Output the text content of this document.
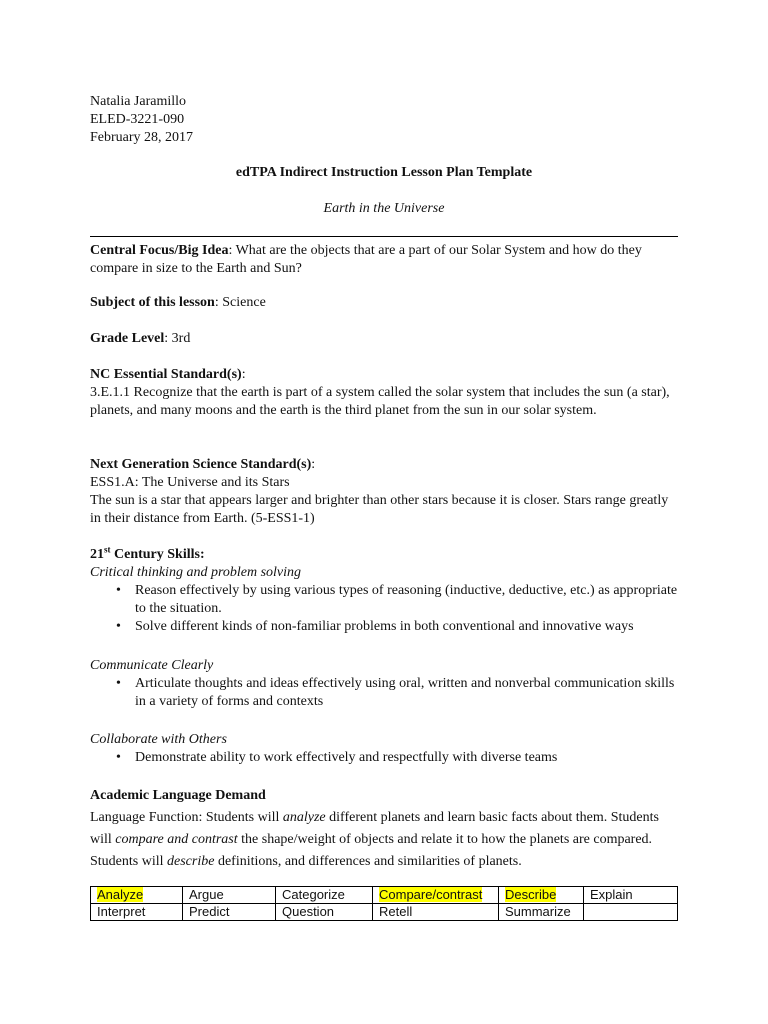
Natalia Jaramillo
ELED-3221-090
February 28, 2017
edTPA Indirect Instruction Lesson Plan Template
Earth in the Universe
Central Focus/Big Idea: What are the objects that are a part of our Solar System and how do they compare in size to the Earth and Sun?
Subject of this lesson: Science
Grade Level: 3rd
NC Essential Standard(s):
3.E.1.1 Recognize that the earth is part of a system called the solar system that includes the sun (a star), planets, and many moons and the earth is the third planet from the sun in our solar system.
Next Generation Science Standard(s):
ESS1.A: The Universe and its Stars
The sun is a star that appears larger and brighter than other stars because it is closer. Stars range greatly in their distance from Earth. (5-ESS1-1)
21st Century Skills:
Critical thinking and problem solving
• Reason effectively by using various types of reasoning (inductive, deductive, etc.) as appropriate to the situation.
• Solve different kinds of non-familiar problems in both conventional and innovative ways
Communicate Clearly
• Articulate thoughts and ideas effectively using oral, written and nonverbal communication skills in a variety of forms and contexts
Collaborate with Others
• Demonstrate ability to work effectively and respectfully with diverse teams
Academic Language Demand
Language Function: Students will analyze different planets and learn basic facts about them. Students will compare and contrast the shape/weight of objects and relate it to how the planets are compared. Students will describe definitions, and differences and similarities of planets.
Analyze	Argue	Categorize	Compare/contrast	Describe	Explain
Interpret	Predict	Question	Retell	Summarize	
